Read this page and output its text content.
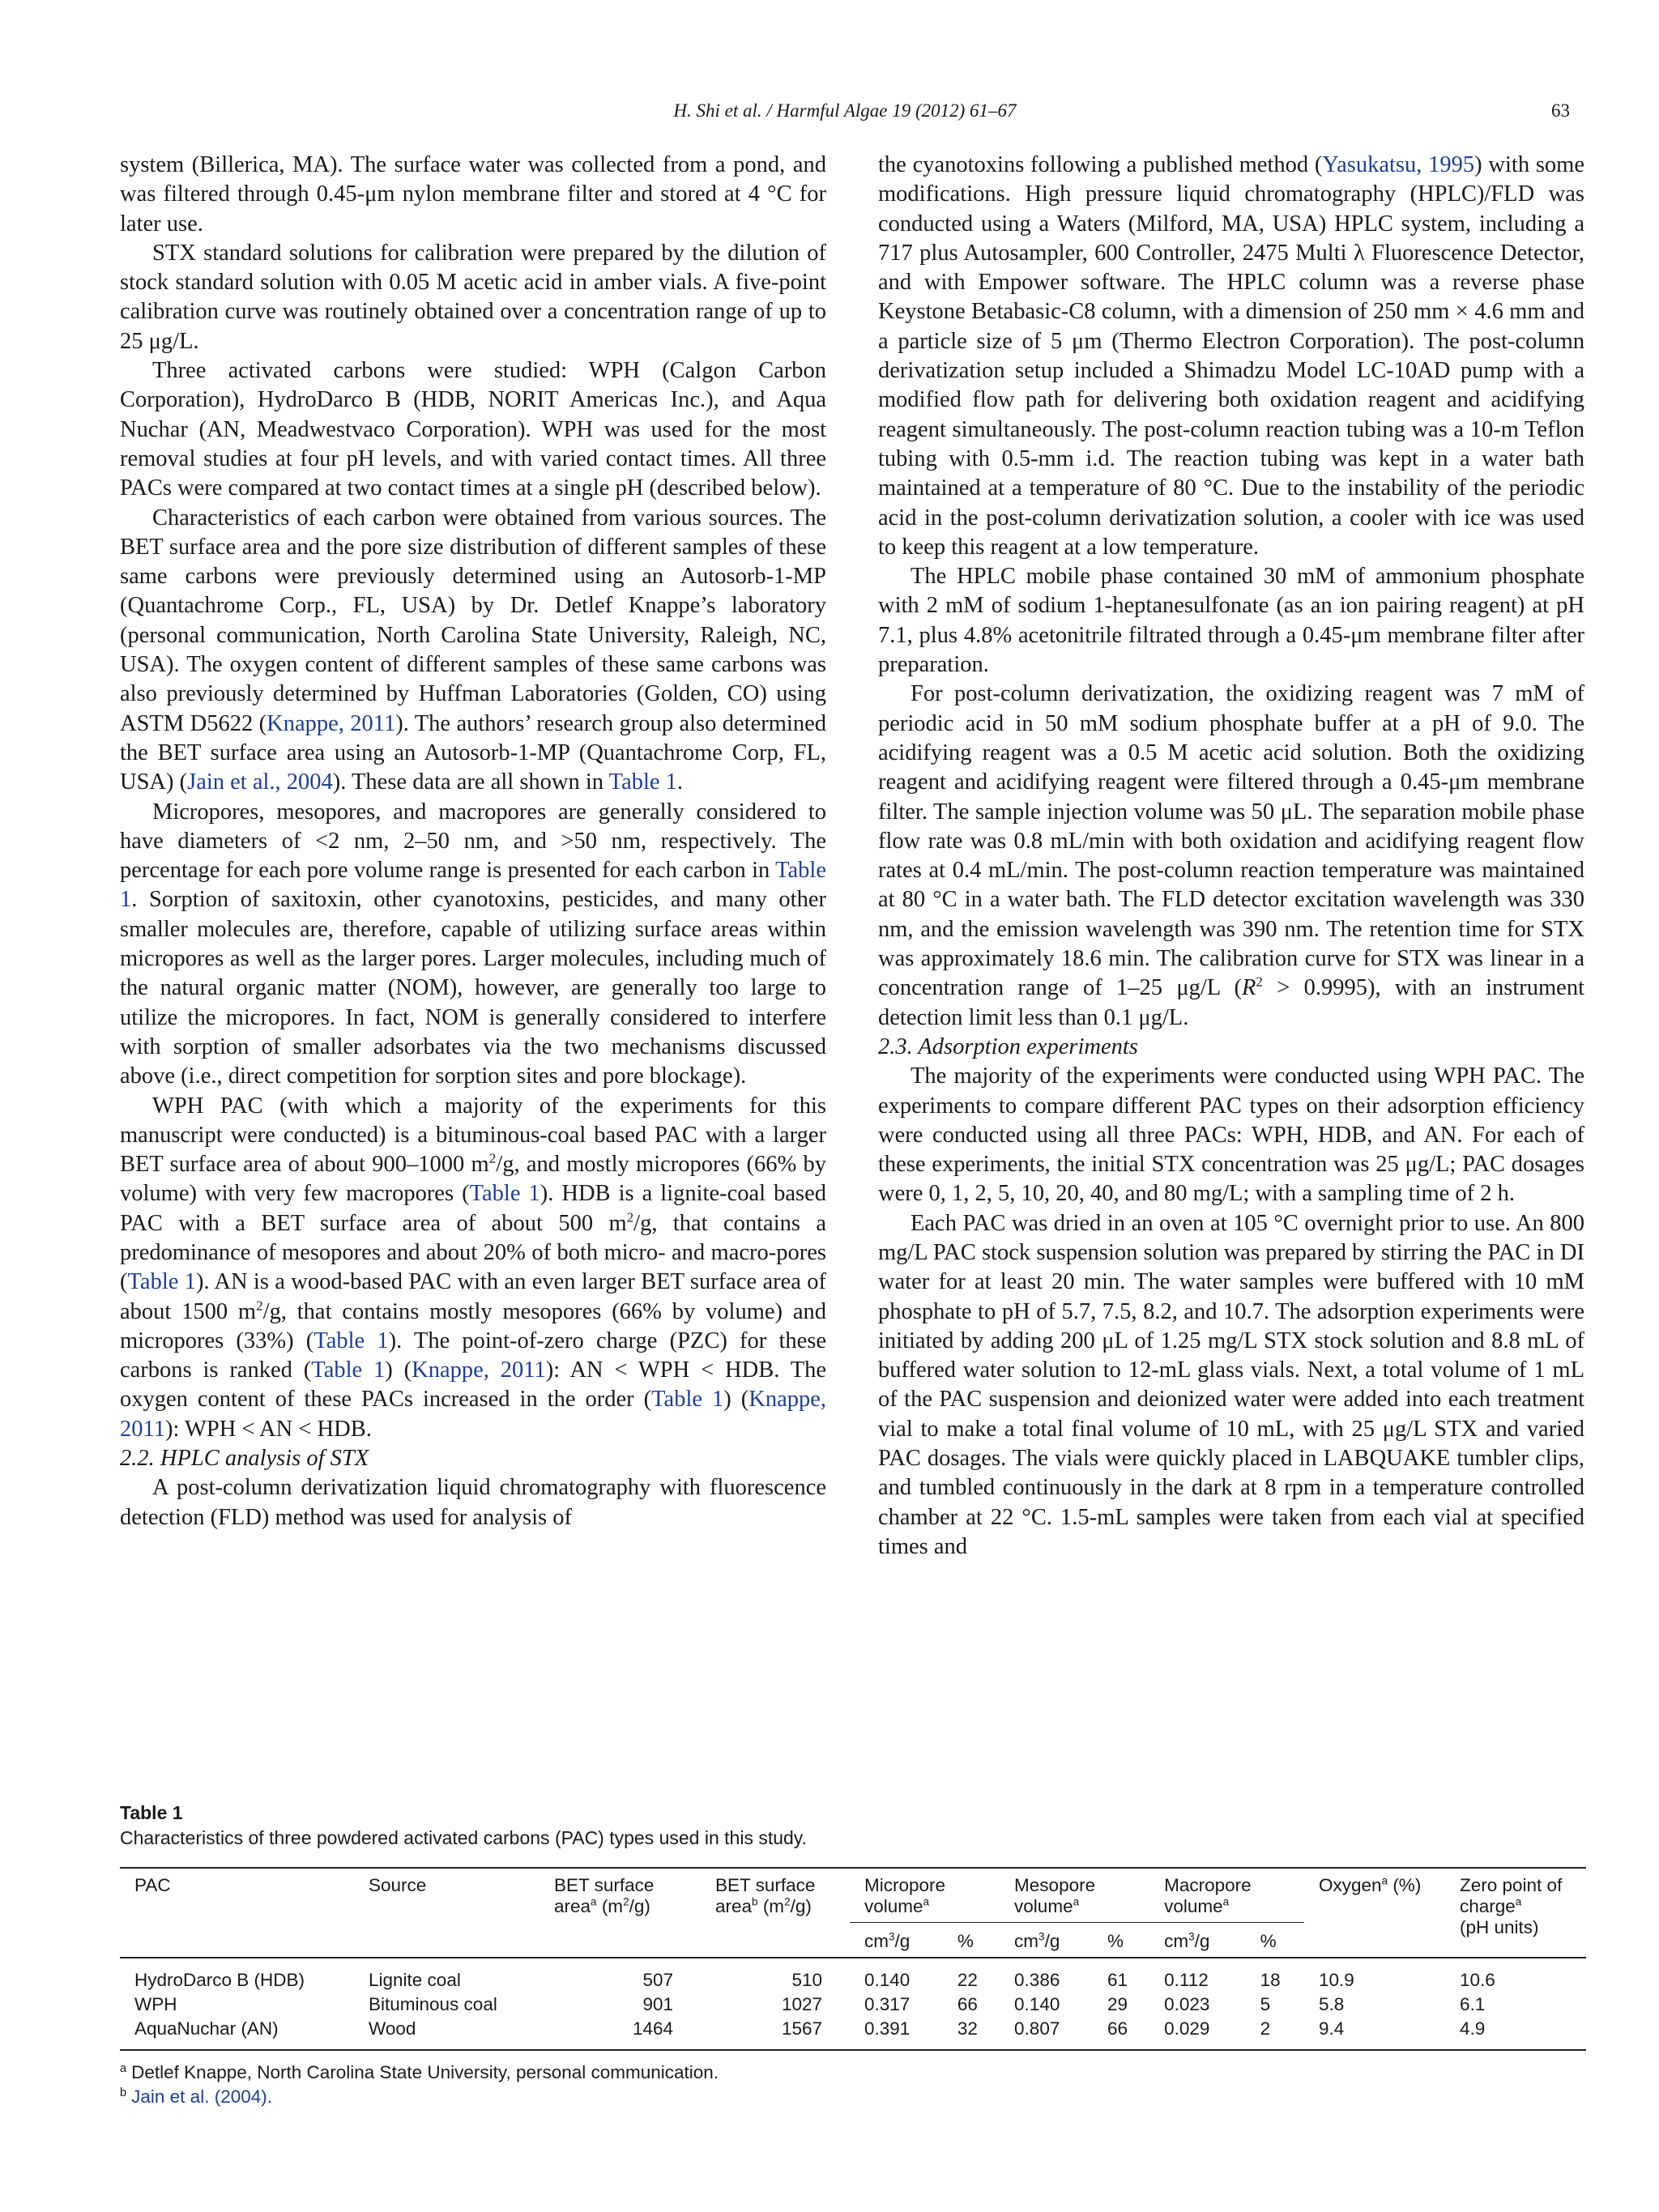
H. Shi et al. / Harmful Algae 19 (2012) 61–67	63

system (Billerica, MA). The surface water was collected from a pond, and was filtered through 0.45-μm nylon membrane filter and stored at 4 °C for later use.

STX standard solutions for calibration were prepared by the dilution of stock standard solution with 0.05 M acetic acid in amber vials. A five-point calibration curve was routinely obtained over a concentration range of up to 25 μg/L.

Three activated carbons were studied: WPH (Calgon Carbon Corporation), HydroDarco B (HDB, NORIT Americas Inc.), and Aqua Nuchar (AN, Meadwestvaco Corporation). WPH was used for the most removal studies at four pH levels, and with varied contact times. All three PACs were compared at two contact times at a single pH (described below).

Characteristics of each carbon were obtained from various sources. The BET surface area and the pore size distribution of different samples of these same carbons were previously determined using an Autosorb-1-MP (Quantachrome Corp., FL, USA) by Dr. Detlef Knappe’s laboratory (personal communication, North Carolina State University, Raleigh, NC, USA). The oxygen content of different samples of these same carbons was also previously determined by Huffman Laboratories (Golden, CO) using ASTM D5622 (Knappe, 2011). The authors’ research group also determined the BET surface area using an Autosorb-1-MP (Quantachrome Corp, FL, USA) (Jain et al., 2004). These data are all shown in Table 1.

Micropores, mesopores, and macropores are generally considered to have diameters of <2 nm, 2–50 nm, and >50 nm, respectively. The percentage for each pore volume range is presented for each carbon in Table 1. Sorption of saxitoxin, other cyanotoxins, pesticides, and many other smaller molecules are, therefore, capable of utilizing surface areas within micropores as well as the larger pores. Larger molecules, including much of the natural organic matter (NOM), however, are generally too large to utilize the micropores. In fact, NOM is generally considered to interfere with sorption of smaller adsorbates via the two mechanisms discussed above (i.e., direct competition for sorption sites and pore blockage).

WPH PAC (with which a majority of the experiments for this manuscript were conducted) is a bituminous-coal based PAC with a larger BET surface area of about 900–1000 $m^2/g$, and mostly micropores (66% by volume) with very few macropores (Table 1). HDB is a lignite-coal based PAC with a BET surface area of about 500 $m^2/g$, that contains a predominance of mesopores and about 20% of both micro- and macro-pores (Table 1). AN is a wood-based PAC with an even larger BET surface area of about 1500 $m^2/g$, that contains mostly mesopores (66% by volume) and micropores (33%) (Table 1). The point-of-zero charge (PZC) for these carbons is ranked (Table 1) (Knappe, 2011): AN < WPH < HDB. The oxygen content of these PACs increased in the order (Table 1) (Knappe, 2011): WPH < AN < HDB.

2.2. HPLC analysis of STX

A post-column derivatization liquid chromatography with fluorescence detection (FLD) method was used for analysis of

the cyanotoxins following a published method (Yasukatsu, 1995) with some modifications. High pressure liquid chromatography (HPLC)/FLD was conducted using a Waters (Milford, MA, USA) HPLC system, including a 717 plus Autosampler, 600 Controller, 2475 Multi λ Fluorescence Detector, and with Empower software. The HPLC column was a reverse phase Keystone Betabasic-C8 column, with a dimension of 250 mm × 4.6 mm and a particle size of 5 μm (Thermo Electron Corporation). The post-column derivatization setup included a Shimadzu Model LC-10AD pump with a modified flow path for delivering both oxidation reagent and acidifying reagent simultaneously. The post-column reaction tubing was a 10-m Teflon tubing with 0.5-mm i.d. The reaction tubing was kept in a water bath maintained at a temperature of 80 °C. Due to the instability of the periodic acid in the post-column derivatization solution, a cooler with ice was used to keep this reagent at a low temperature.

The HPLC mobile phase contained 30 mM of ammonium phosphate with 2 mM of sodium 1-heptanesulfonate (as an ion pairing reagent) at pH 7.1, plus 4.8% acetonitrile filtrated through a 0.45-μm membrane filter after preparation.

For post-column derivatization, the oxidizing reagent was 7 mM of periodic acid in 50 mM sodium phosphate buffer at a pH of 9.0. The acidifying reagent was a 0.5 M acetic acid solution. Both the oxidizing reagent and acidifying reagent were filtered through a 0.45-μm membrane filter. The sample injection volume was 50 μL. The separation mobile phase flow rate was 0.8 mL/min with both oxidation and acidifying reagent flow rates at 0.4 mL/min. The post-column reaction temperature was maintained at 80 °C in a water bath. The FLD detector excitation wavelength was 330 nm, and the emission wavelength was 390 nm. The retention time for STX was approximately 18.6 min. The calibration curve for STX was linear in a concentration range of 1–25 μg/L $(R^2 > 0.9995)$, with an instrument detection limit less than 0.1 μg/L.

2.3. Adsorption experiments

The majority of the experiments were conducted using WPH PAC. The experiments to compare different PAC types on their adsorption efficiency were conducted using all three PACs: WPH, HDB, and AN. For each of these experiments, the initial STX concentration was 25 μg/L; PAC dosages were 0, 1, 2, 5, 10, 20, 40, and 80 mg/L; with a sampling time of 2 h.

Each PAC was dried in an oven at 105 °C overnight prior to use. An 800 mg/L PAC stock suspension solution was prepared by stirring the PAC in DI water for at least 20 min. The water samples were buffered with 10 mM phosphate to pH of 5.7, 7.5, 8.2, and 10.7. The adsorption experiments were initiated by adding 200 μL of 1.25 mg/L STX stock solution and 8.8 mL of buffered water solution to 12-mL glass vials. Next, a total volume of 1 mL of the PAC suspension and deionized water were added into each treatment vial to make a total final volume of 10 mL, with 25 μg/L STX and varied PAC dosages. The vials were quickly placed in LABQUAKE tumbler clips, and tumbled continuously in the dark at 8 rpm in a temperature controlled chamber at 22 °C. 1.5-mL samples were taken from each vial at specified times and

Table 1
Characteristics of three powdered activated carbons (PAC) types used in this study.
PAC	Source	BET surface area$^a$ $(m^2/g)$	BET surface area$^b$ $(m^2/g)$	Micropore volume$^a$		Mesopore volume$^a$		Macropore volume$^a$		Oxygen$^a$ (%)	Zero point of charge$^a$
(pH units)
				$cm^3/g$	%	$cm^3/g$	%	$cm^3/g$	%		
HydroDarco B (HDB)	Lignite coal	507	510	0.140	22	0.386	61	0.112	18	10.9	10.6
WPH	Bituminous coal	901	1027	0.317	66	0.140	29	0.023	5	5.8	6.1
AquaNuchar (AN)	Wood	1464	1567	0.391	32	0.807	66	0.029	2	9.4	4.9
$^a$ Detlef Knappe, North Carolina State University, personal communication.
$^b$ Jain et al. (2004).
